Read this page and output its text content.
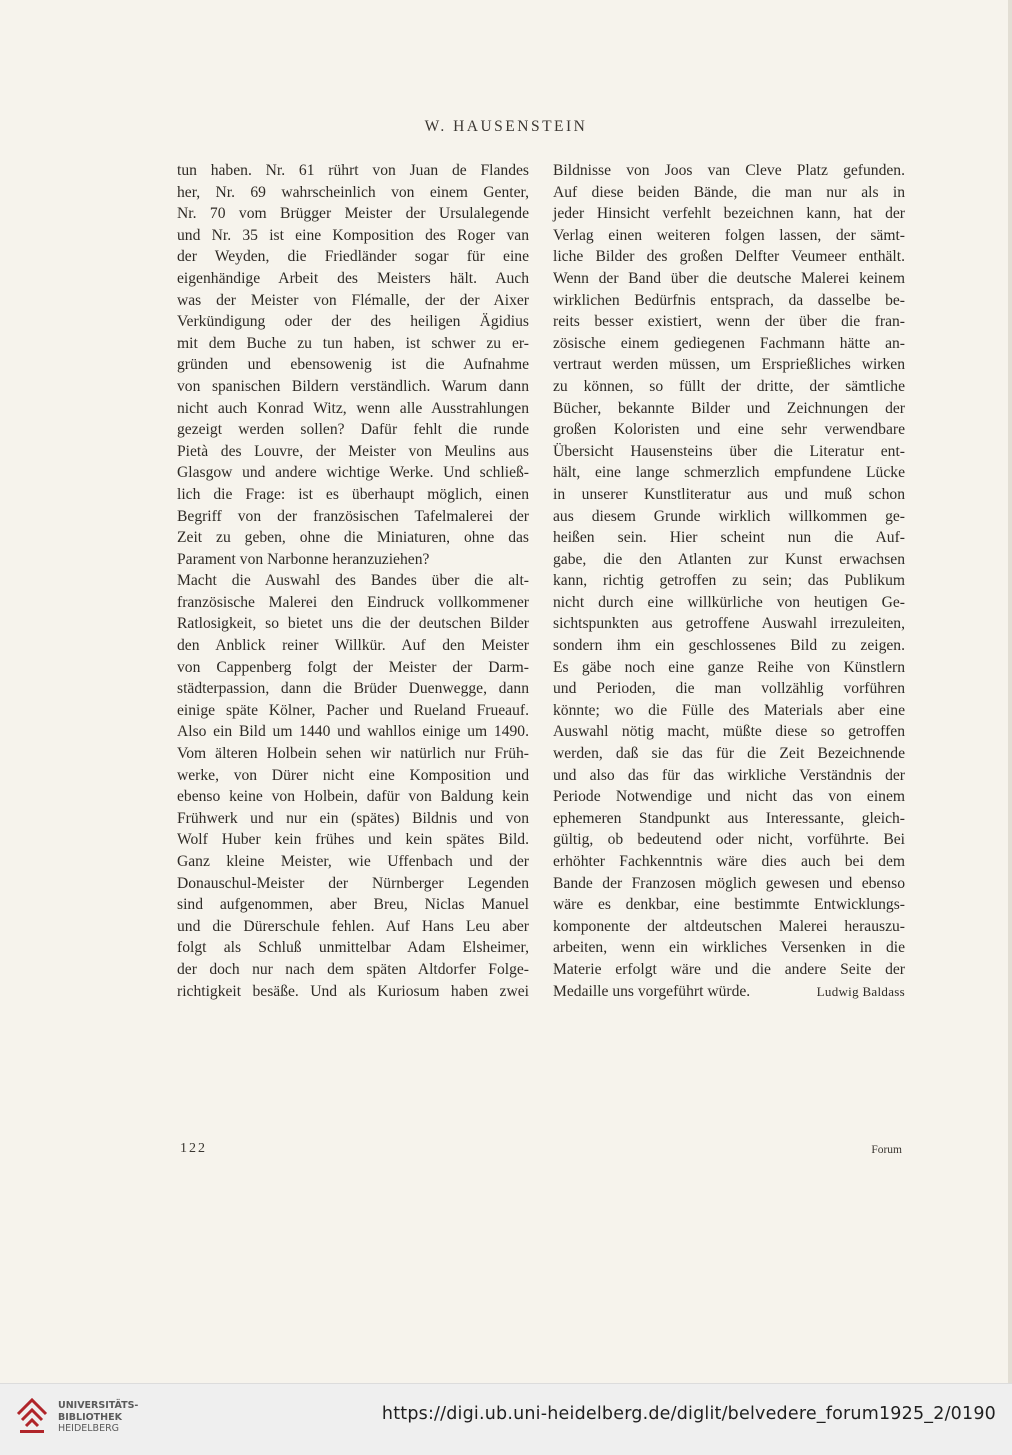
W. HAUSENSTEIN
tun haben. Nr. 61 rührt von Juan de Flandes
her, Nr. 69 wahrscheinlich von einem Genter,
Nr. 70 vom Brügger Meister der Ursulalegende
und Nr. 35 ist eine Komposition des Roger van
der Weyden, die Friedländer sogar für eine
eigenhändige Arbeit des Meisters hält. Auch
was der Meister von Flémalle, der der Aixer
Verkündigung oder der des heiligen Ägidius
mit dem Buche zu tun haben, ist schwer zu er-
gründen und ebensowenig ist die Aufnahme
von spanischen Bildern verständlich. Warum dann
nicht auch Konrad Witz, wenn alle Ausstrahlungen
gezeigt werden sollen? Dafür fehlt die runde
Pietà des Louvre, der Meister von Meulins aus
Glasgow und andere wichtige Werke. Und schließ-
lich die Frage: ist es überhaupt möglich, einen
Begriff von der französischen Tafelmalerei der
Zeit zu geben, ohne die Miniaturen, ohne das
Parament von Narbonne heranzuziehen?
Macht die Auswahl des Bandes über die alt-
französische Malerei den Eindruck vollkommener
Ratlosigkeit, so bietet uns die der deutschen Bilder
den Anblick reiner Willkür. Auf den Meister
von Cappenberg folgt der Meister der Darm-
städterpassion, dann die Brüder Duenwegge, dann
einige späte Kölner, Pacher und Rueland Frueauf.
Also ein Bild um 1440 und wahllos einige um 1490.
Vom älteren Holbein sehen wir natürlich nur Früh-
werke, von Dürer nicht eine Komposition und
ebenso keine von Holbein, dafür von Baldung kein
Frühwerk und nur ein (spätes) Bildnis und von
Wolf Huber kein frühes und kein spätes Bild.
Ganz kleine Meister, wie Uffenbach und der
Donauschul-Meister der Nürnberger Legenden
sind aufgenommen, aber Breu, Niclas Manuel
und die Dürerschule fehlen. Auf Hans Leu aber
folgt als Schluß unmittelbar Adam Elsheimer,
der doch nur nach dem späten Altdorfer Folge-
richtigkeit besäße. Und als Kuriosum haben zwei
Bildnisse von Joos van Cleve Platz gefunden.
Auf diese beiden Bände, die man nur als in
jeder Hinsicht verfehlt bezeichnen kann, hat der
Verlag einen weiteren folgen lassen, der sämt-
liche Bilder des großen Delfter Veumeer enthält.
Wenn der Band über die deutsche Malerei keinem
wirklichen Bedürfnis entsprach, da dasselbe be-
reits besser existiert, wenn der über die fran-
zösische einem gediegenen Fachmann hätte an-
vertraut werden müssen, um Ersprießliches wirken
zu können, so füllt der dritte, der sämtliche
Bücher, bekannte Bilder und Zeichnungen der
großen Koloristen und eine sehr verwendbare
Übersicht Hausensteins über die Literatur ent-
hält, eine lange schmerzlich empfundene Lücke
in unserer Kunstliteratur aus und muß schon
aus diesem Grunde wirklich willkommen ge-
heißen sein. Hier scheint nun die Auf-
gabe, die den Atlanten zur Kunst erwachsen
kann, richtig getroffen zu sein; das Publikum
nicht durch eine willkürliche von heutigen Ge-
sichtspunkten aus getroffene Auswahl irrezuleiten,
sondern ihm ein geschlossenes Bild zu zeigen.
Es gäbe noch eine ganze Reihe von Künstlern
und Perioden, die man vollzählig vorführen
könnte; wo die Fülle des Materials aber eine
Auswahl nötig macht, müßte diese so getroffen
werden, daß sie das für die Zeit Bezeichnende
und also das für das wirkliche Verständnis der
Periode Notwendige und nicht das von einem
ephemeren Standpunkt aus Interessante, gleich-
gültig, ob bedeutend oder nicht, vorführte. Bei
erhöhter Fachkenntnis wäre dies auch bei dem
Bande der Franzosen möglich gewesen und ebenso
wäre es denkbar, eine bestimmte Entwicklungs-
komponente der altdeutschen Malerei herauszu-
arbeiten, wenn ein wirkliches Versenken in die
Materie erfolgt wäre und die andere Seite der
Medaille uns vorgeführt würde.	Ludwig Baldass
122	Forum
UNIVERSITÄTS-
BIBLIOTHEK
HEIDELBERG
https://digi.ub.uni-heidelberg.de/diglit/belvedere_forum1925_2/0190
